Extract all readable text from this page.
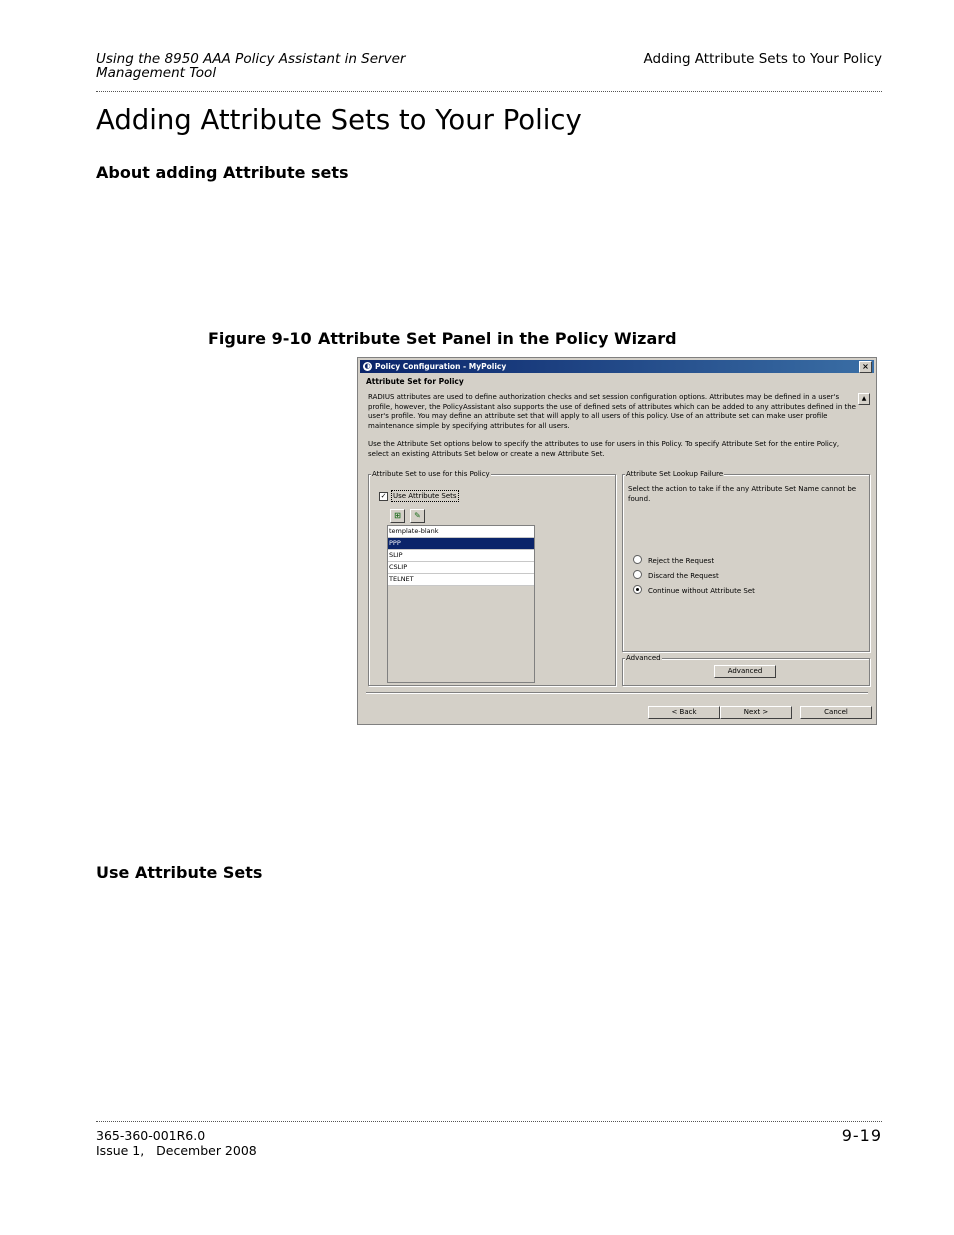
Using the 8950 AAA Policy Assistant in Server Management Tool
Adding Attribute Sets to Your Policy
Adding Attribute Sets to Your Policy
About adding Attribute sets
Figure 9-10 Attribute Set Panel in the Policy Wizard
◐ Policy Configuration - MyPolicy	×
Attribute Set for Policy
RADIUS attributes are used to define authorization checks and set session configuration options. Attributes may be defined in a user's profile, however, the PolicyAssistant also supports the use of defined sets of attributes which can be added to any attributes defined in the user's profile. You may define an attribute set that will apply to all users of this policy. Use of an attribute set can make user profile maintenance simple by specifying attributes for all users.
▲
Use the Attribute Set options below to specify the attributes to use for users in this Policy. To specify Attribute Set for the entire Policy, select an existing Attributs Set below or create a new Attribute Set.
Attribute Set to use for this Policy
✓ Use Attribute Sets
⊞	✎
template-blank
PPP
SLIP
CSLIP
TELNET
Attribute Set Lookup Failure
Select the action to take if the any Attribute Set Name cannot be found.
Reject the Request
Discard the Request
Continue without Attribute Set
Advanced
Advanced
< Back	Next >	Cancel
Use Attribute Sets
365-360-001R6.0
Issue 1,   December 2008
9-19
